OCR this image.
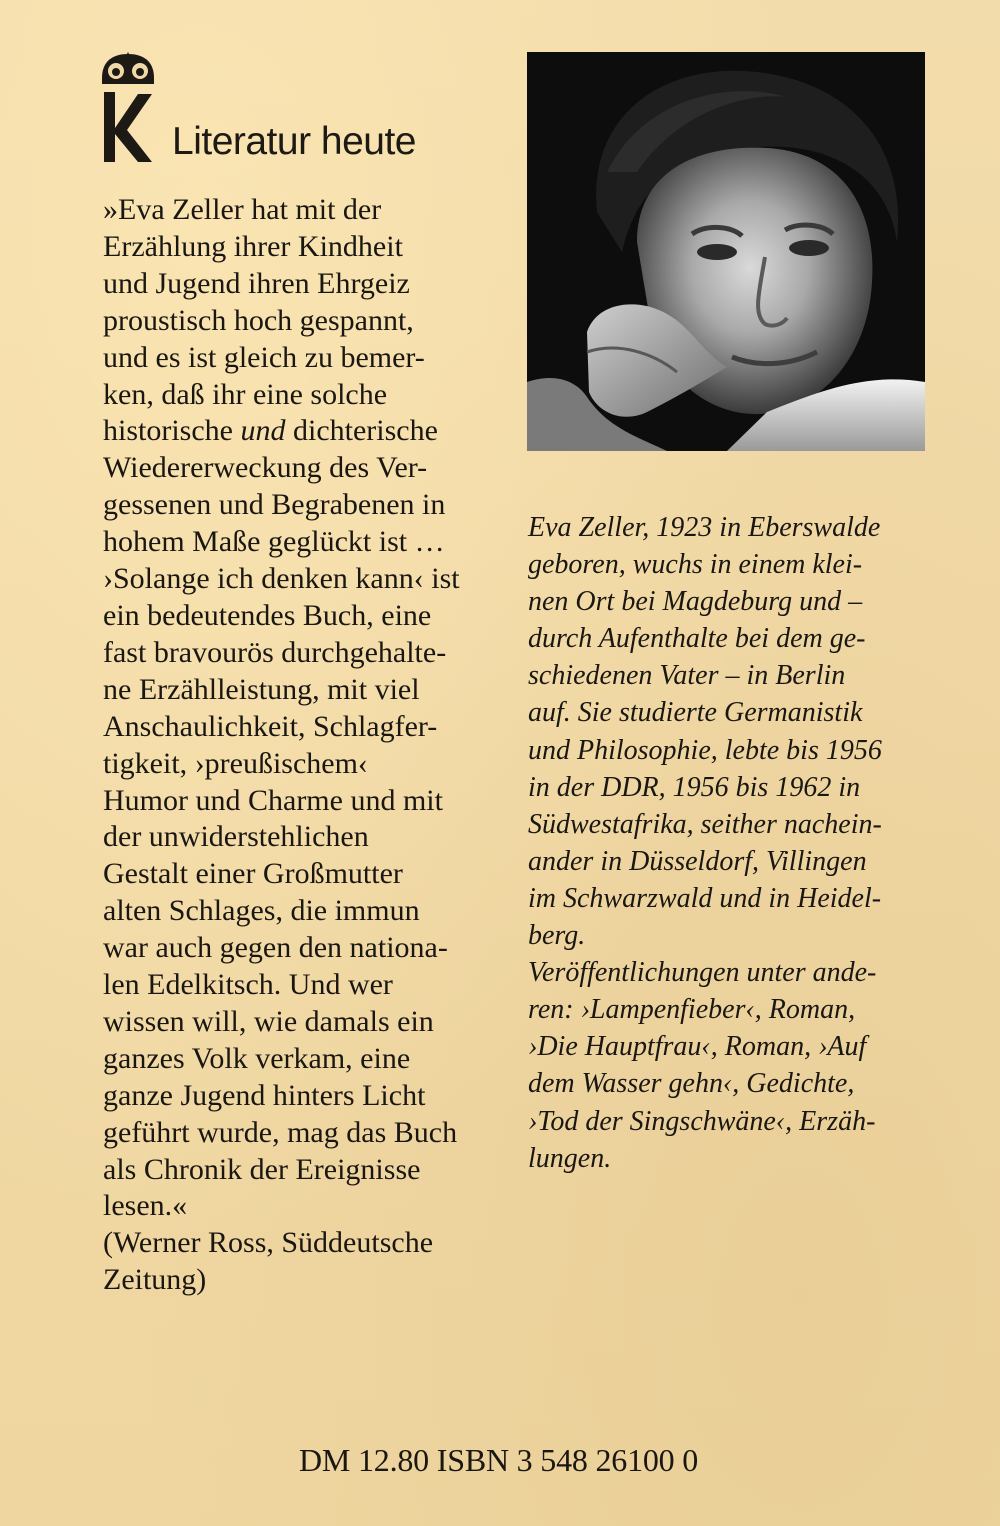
Literatur heute
»Eva Zeller hat mit der
Erzählung ihrer Kindheit
und Jugend ihren Ehrgeiz
proustisch hoch gespannt,
und es ist gleich zu bemer-
ken, daß ihr eine solche
historische und dichterische
Wiedererweckung des Ver-
gessenen und Begrabenen in
hohem Maße geglückt ist …
›Solange ich denken kann‹ ist
ein bedeutendes Buch, eine
fast bravourös durchgehalte-
ne Erzählleistung, mit viel
Anschaulichkeit, Schlagfer-
tigkeit, ›preußischem‹
Humor und Charme und mit
der unwiderstehlichen
Gestalt einer Großmutter
alten Schlages, die immun
war auch gegen den nationa-
len Edelkitsch. Und wer
wissen will, wie damals ein
ganzes Volk verkam, eine
ganze Jugend hinters Licht
geführt wurde, mag das Buch
als Chronik der Ereignisse
lesen.«
(Werner Ross, Süddeutsche
Zeitung)
Eva Zeller, 1923 in Eberswalde
geboren, wuchs in einem klei-
nen Ort bei Magdeburg und –
durch Aufenthalte bei dem ge-
schiedenen Vater – in Berlin
auf. Sie studierte Germanistik
und Philosophie, lebte bis 1956
in der DDR, 1956 bis 1962 in
Südwestafrika, seither nachein-
ander in Düsseldorf, Villingen
im Schwarzwald und in Heidel-
berg.
Veröffentlichungen unter ande-
ren: ›Lampenfieber‹, Roman,
›Die Hauptfrau‹, Roman, ›Auf
dem Wasser gehn‹, Gedichte,
›Tod der Singschwäne‹, Erzäh-
lungen.
DM 12.80 ISBN 3 548 26100 0
